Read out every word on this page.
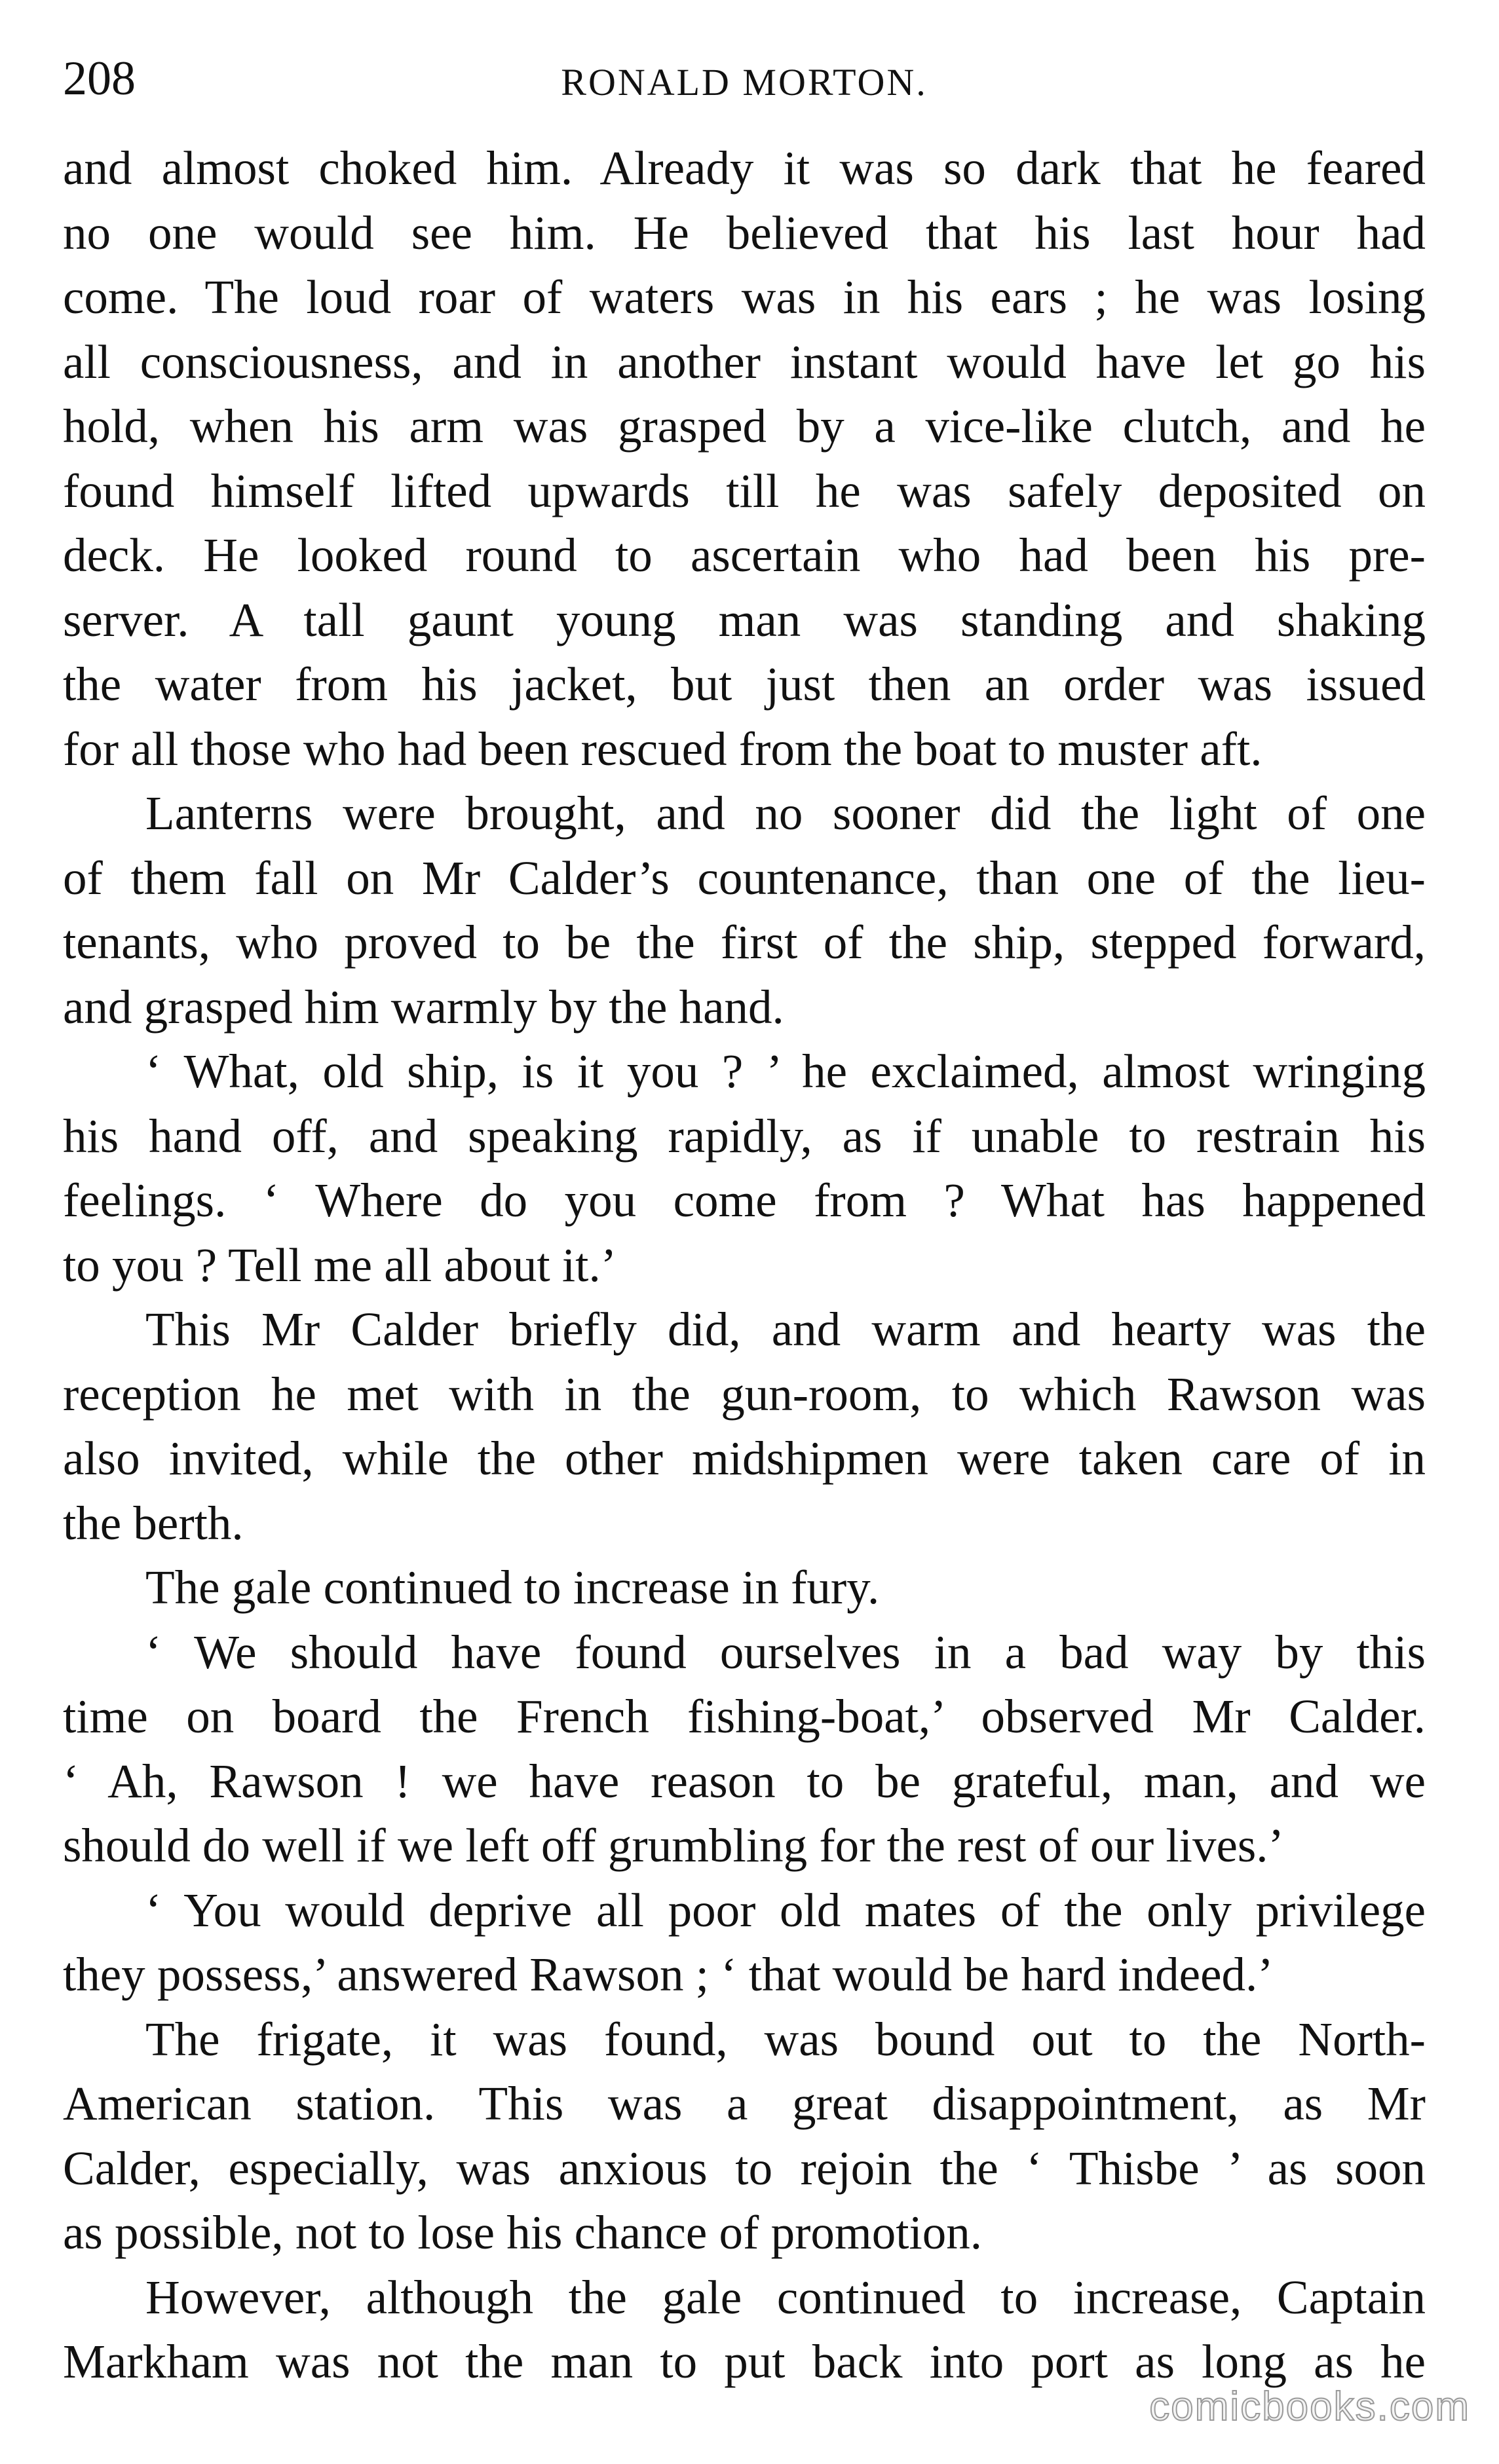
208	RONALD MORTON.
and almost choked him. Already it was so dark that he feared
no one would see him. He believed that his last hour had
come. The loud roar of waters was in his ears ; he was losing
all consciousness, and in another instant would have let go his
hold, when his arm was grasped by a vice-like clutch, and he
found himself lifted upwards till he was safely deposited on
deck. He looked round to ascertain who had been his pre-
server. A tall gaunt young man was standing and shaking
the water from his jacket, but just then an order was issued
for all those who had been rescued from the boat to muster aft.
Lanterns were brought, and no sooner did the light of one
of them fall on Mr Calder’s countenance, than one of the lieu-
tenants, who proved to be the first of the ship, stepped forward,
and grasped him warmly by the hand.
‘ What, old ship, is it you ? ’ he exclaimed, almost wringing
his hand off, and speaking rapidly, as if unable to restrain his
feelings. ‘ Where do you come from ? What has happened
to you ? Tell me all about it.’
This Mr Calder briefly did, and warm and hearty was the
reception he met with in the gun-room, to which Rawson was
also invited, while the other midshipmen were taken care of in
the berth.
The gale continued to increase in fury.
‘ We should have found ourselves in a bad way by this
time on board the French fishing-boat,’ observed Mr Calder.
‘ Ah, Rawson ! we have reason to be grateful, man, and we
should do well if we left off grumbling for the rest of our lives.’
‘ You would deprive all poor old mates of the only privilege
they possess,’ answered Rawson ; ‘ that would be hard indeed.’
The frigate, it was found, was bound out to the North-
American station. This was a great disappointment, as Mr
Calder, especially, was anxious to rejoin the ‘ Thisbe ’ as soon
as possible, not to lose his chance of promotion.
However, although the gale continued to increase, Captain
Markham was not the man to put back into port as long as he
comicbooks.com
